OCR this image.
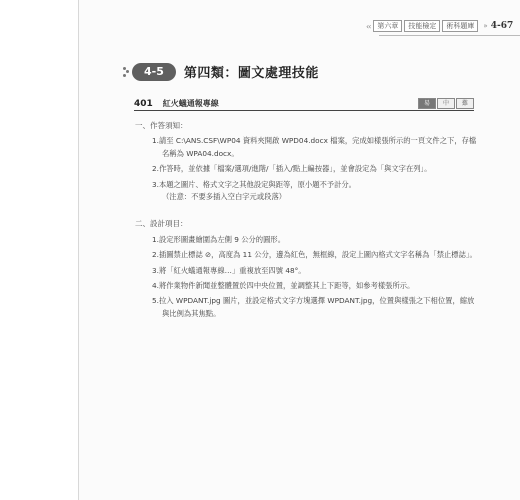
‹‹	第六章	技能檢定	術科題庫	» 4-67
4-5	第四類：圖文處理技能
401 紅火蟻通報專線	易	中	難
一、作答須知：
1.請至 C:\ANS.CSF\WP04 資料夾開啟 WPD04.docx 檔案，完成如樣張所示的一頁文件之下，存檔名稱為 WPA04.docx。
2.作答時，並依據「檔案/選項/進階/「插入/點上編按器」，並會設定為「與文字在列」。
3.本題之圖片、格式文字之其他設定與距等，原小題不予計分。
（注意：不要多插入空白字元或段落）
二、設計項目：
1.設定形圖畫繪圍為左側 9 公分的圓形。
2.插圖禁止標誌 ⊘，高度為 11 公分，邊為紅色，無框線，設定上圖內格式文字名稱為「禁止標誌」。
3.將「紅火蟻通報專線…」重複放至四號 48°。
4.將作業物件新聞並整體置於四中央位置，並調整其上下距等，如參考樣張所示。
5.拉入 WPDANT.jpg 圖片，並設定格式文字方塊選擇 WPDANT.jpg，位置與樣張之下相位置，縮放與比例為其焦點。
